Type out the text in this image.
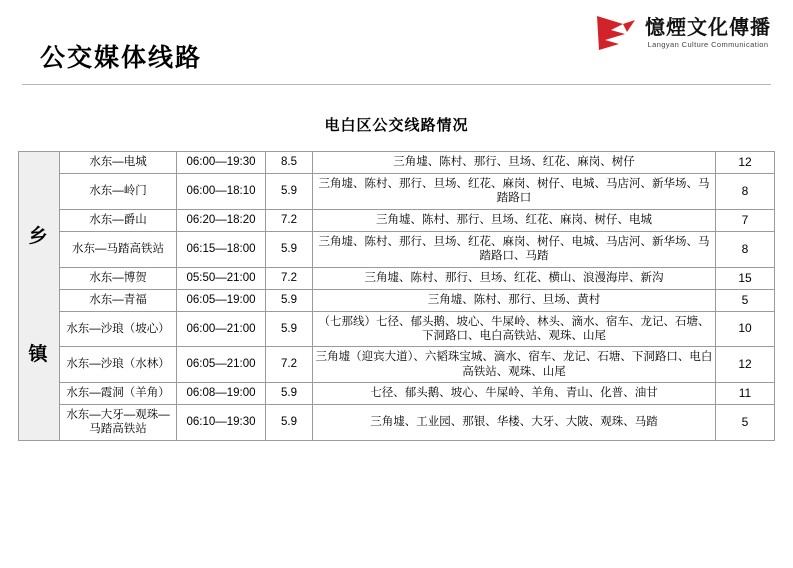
憶煙文化傳播
Langyan Culture Communication
公交媒体线路
电白区公交线路情况
乡

镇	水东—电城	06:00—19:30	8.5	三角墟、陈村、那行、旦场、红花、麻岗、树仔	12
	水东—岭门	06:00—18:10	5.9	三角墟、陈村、那行、旦场、红花、麻岗、树仔、电城、马店河、新华场、马踏路口	8
	水东—爵山	06:20—18:20	7.2	三角墟、陈村、那行、旦场、红花、麻岗、树仔、电城	7
	水东—马踏高铁站	06:15—18:00	5.9	三角墟、陈村、那行、旦场、红花、麻岗、树仔、电城、马店河、新华场、马踏路口、马踏	8
	水东—博贺	05:50—21:00	7.2	三角墟、陈村、那行、旦场、红花、横山、浪漫海岸、新沟	15
	水东—青福	06:05—19:00	5.9	三角墟、陈村、那行、旦场、黄村	5
	水东—沙琅（坡心）	06:00—21:00	5.9	（七那线）七径、郁头鹅、坡心、牛屎岭、林头、滴水、宿车、龙记、石塘、下洞路口、电白高铁站、观珠、山尾	10
	水东—沙琅（水林）	06:05—21:00	7.2	三角墟（迎宾大道）、六韬珠宝城、滴水、宿车、龙记、石塘、下洞路口、电白高铁站、观珠、山尾	12
	水东—霞洞（羊角）	06:08—19:00	5.9	七径、郁头鹅、坡心、牛屎岭、羊角、青山、化普、油甘	11
	水东—大牙—观珠—马踏高铁站	06:10—19:30	5.9	三角墟、工业园、那银、华楼、大牙、大陂、观珠、马踏	5
